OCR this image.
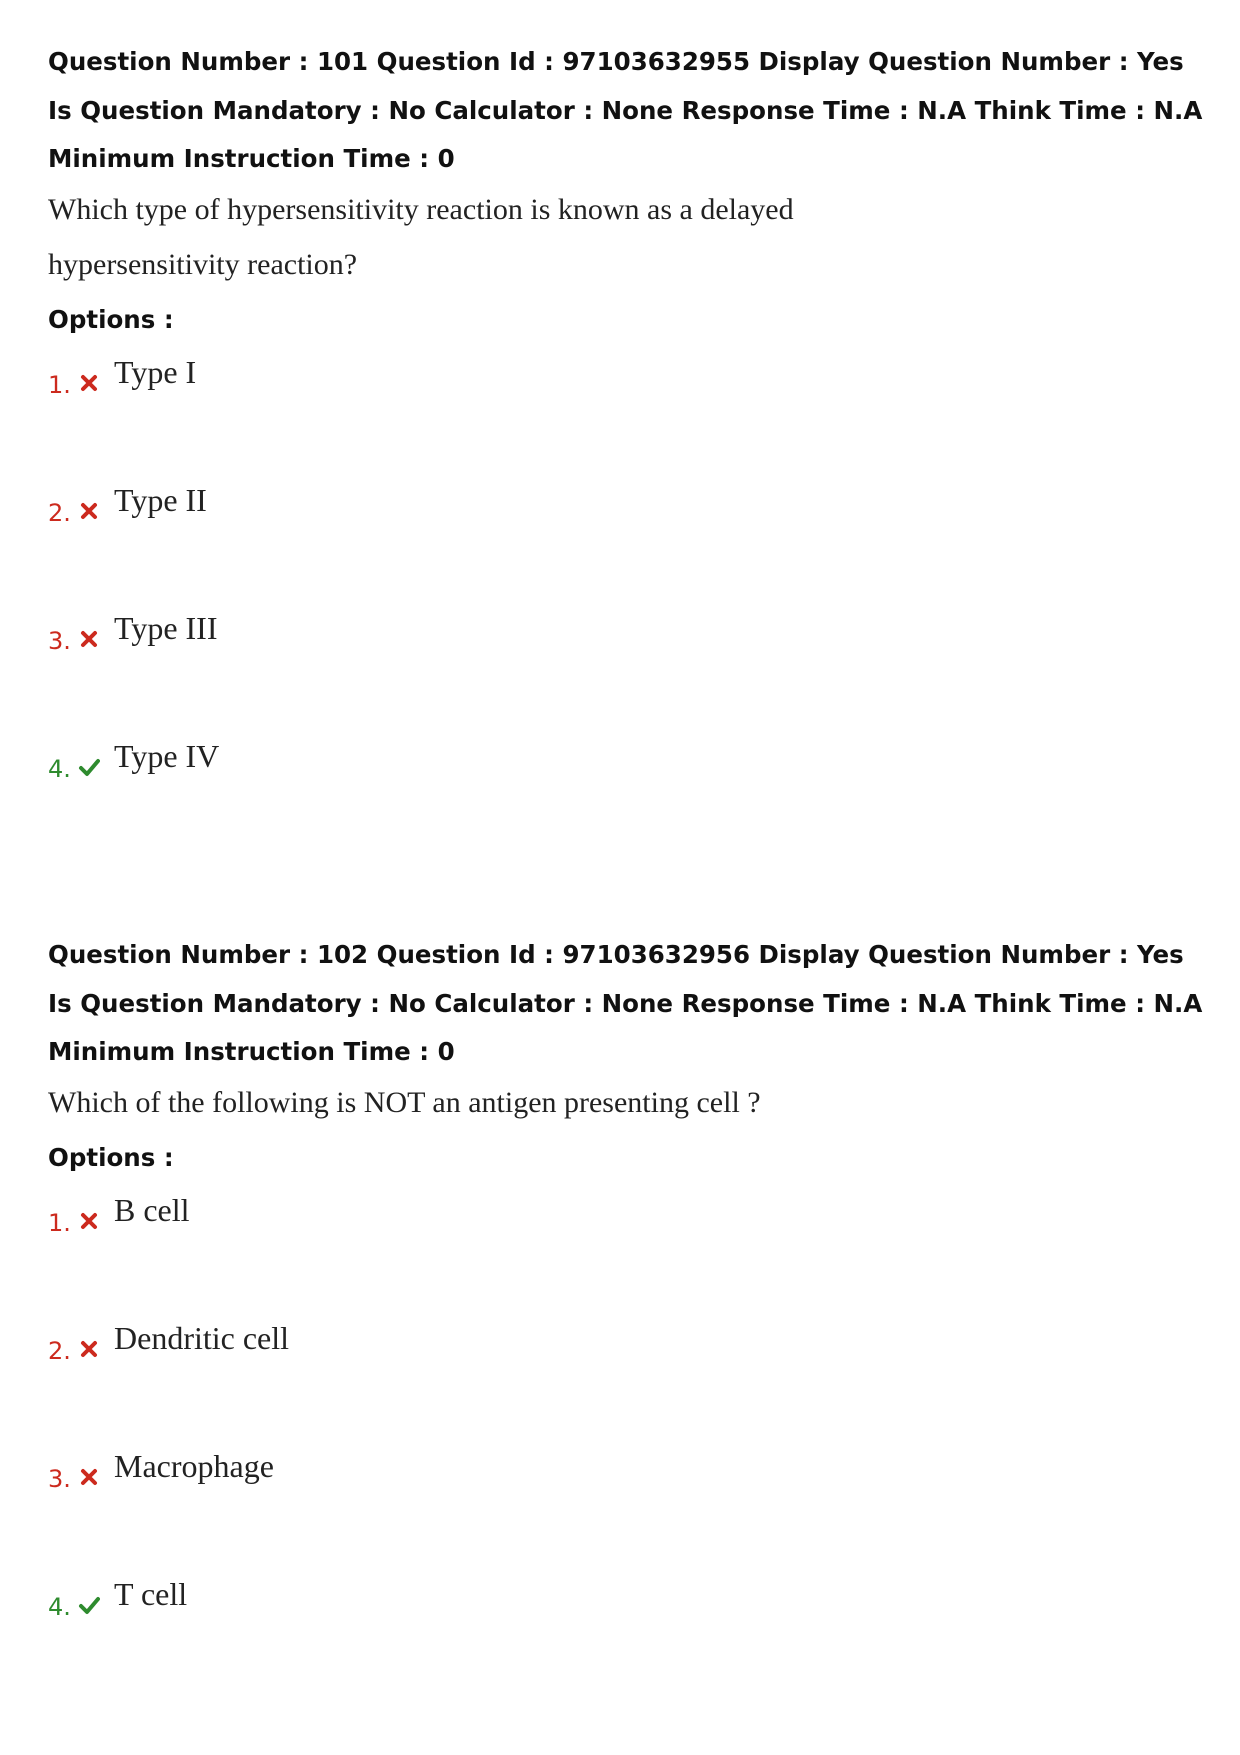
Question Number : 101 Question Id : 97103632955 Display Question Number : Yes Is Question Mandatory : No Calculator : None Response Time : N.A Think Time : N.A Minimum Instruction Time : 0
Which type of hypersensitivity reaction is known as a delayed hypersensitivity reaction?
Options :
1. Type I
2. Type II
3. Type III
4. Type IV
Question Number : 102 Question Id : 97103632956 Display Question Number : Yes Is Question Mandatory : No Calculator : None Response Time : N.A Think Time : N.A Minimum Instruction Time : 0
Which of the following is NOT an antigen presenting cell ?
Options :
1. B cell
2. Dendritic cell
3. Macrophage
4. T cell
